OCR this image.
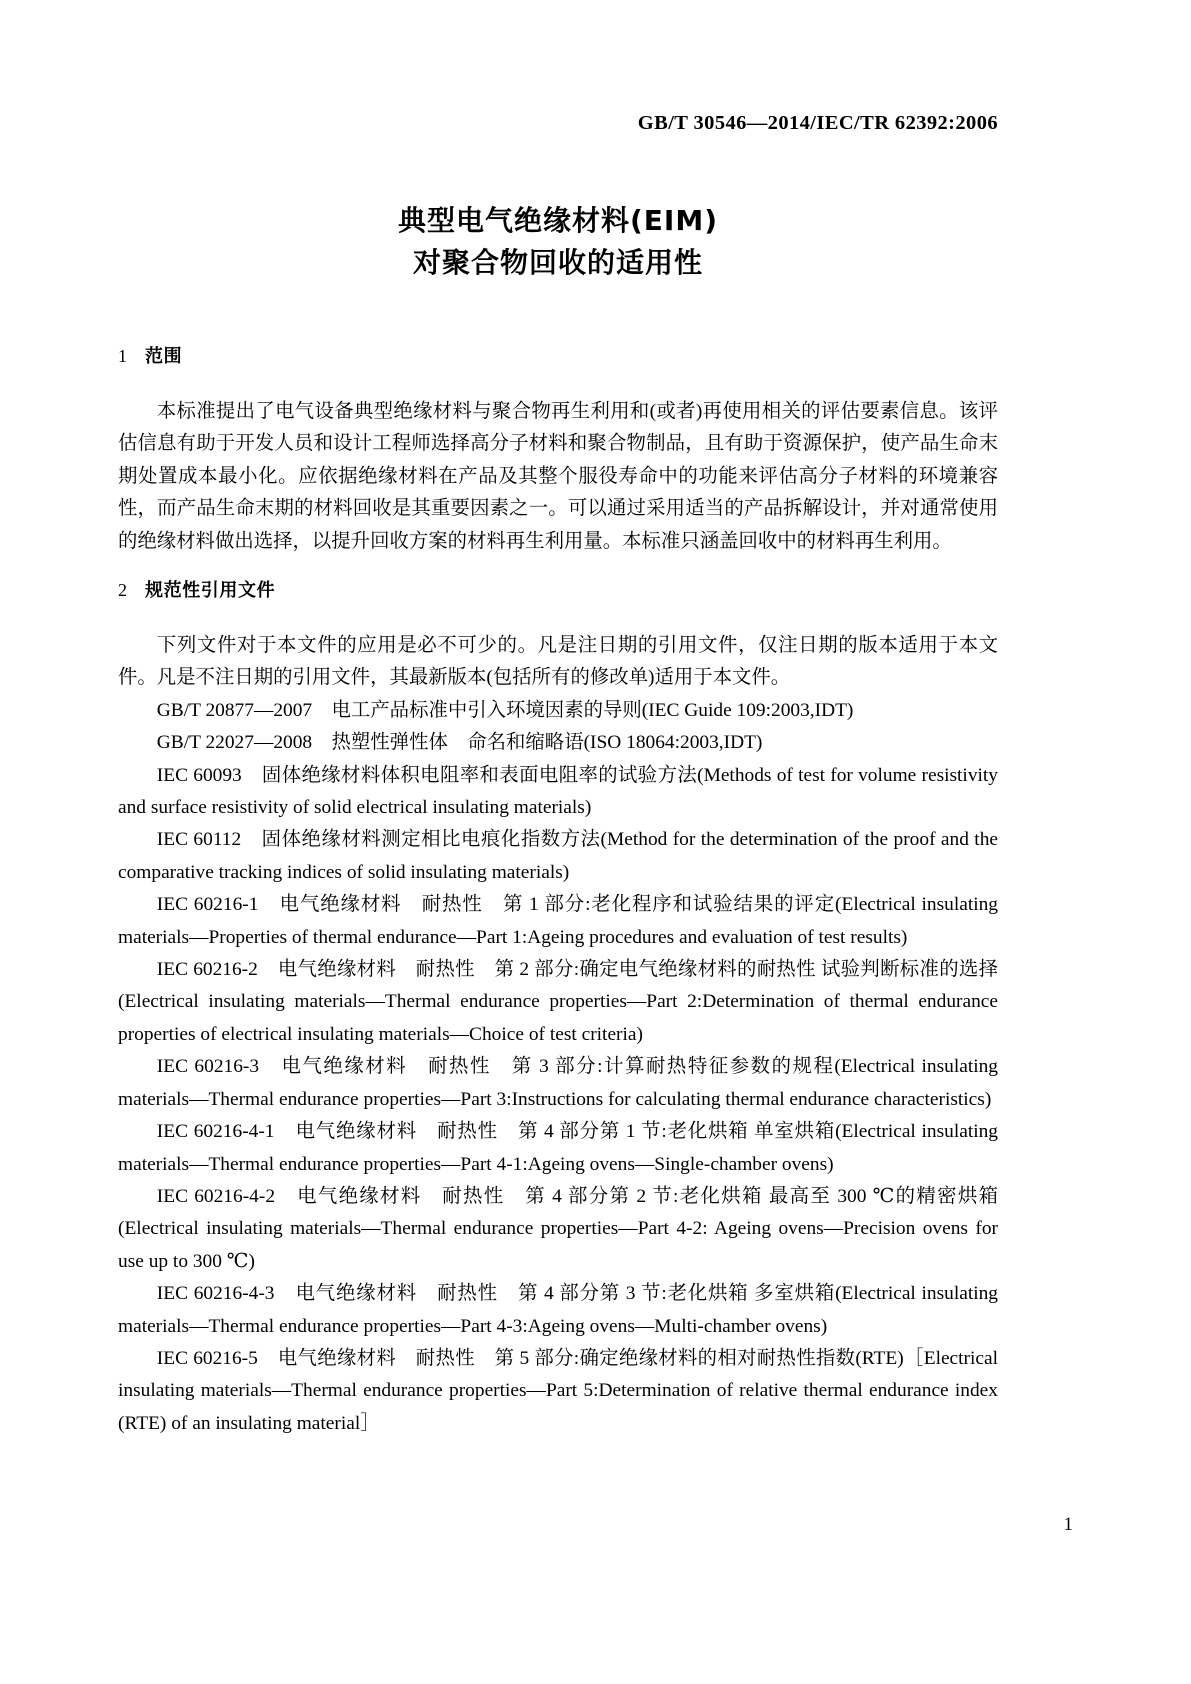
GB/T 30546—2014/IEC/TR 62392:2006
典型电气绝缘材料(EIM)
对聚合物回收的适用性

1 范围

本标准提出了电气设备典型绝缘材料与聚合物再生利用和(或者)再使用相关的评估要素信息。该评估信息有助于开发人员和设计工程师选择高分子材料和聚合物制品，且有助于资源保护，使产品生命末期处置成本最小化。应依据绝缘材料在产品及其整个服役寿命中的功能来评估高分子材料的环境兼容性，而产品生命末期的材料回收是其重要因素之一。可以通过采用适当的产品拆解设计，并对通常使用的绝缘材料做出选择，以提升回收方案的材料再生利用量。本标准只涵盖回收中的材料再生利用。

2 规范性引用文件

下列文件对于本文件的应用是必不可少的。凡是注日期的引用文件，仅注日期的版本适用于本文件。凡是不注日期的引用文件，其最新版本(包括所有的修改单)适用于本文件。

GB/T 20877—2007　电工产品标准中引入环境因素的导则(IEC Guide 109:2003,IDT)

GB/T 22027—2008　热塑性弹性体　命名和缩略语(ISO 18064:2003,IDT)

IEC 60093　固体绝缘材料体积电阻率和表面电阻率的试验方法(Methods of test for volume resistivity and surface resistivity of solid electrical insulating materials)

IEC 60112　固体绝缘材料测定相比电痕化指数方法(Method for the determination of the proof and the comparative tracking indices of solid insulating materials)

IEC 60216-1　电气绝缘材料　耐热性　第 1 部分:老化程序和试验结果的评定(Electrical insulating materials—Properties of thermal endurance—Part 1:Ageing procedures and evaluation of test results)

IEC 60216-2　电气绝缘材料　耐热性　第 2 部分:确定电气绝缘材料的耐热性 试验判断标准的选择(Electrical insulating materials—Thermal endurance properties—Part 2:Determination of thermal endurance properties of electrical insulating materials—Choice of test criteria)

IEC 60216-3　电气绝缘材料　耐热性　第 3 部分:计算耐热特征参数的规程(Electrical insulating materials—Thermal endurance properties—Part 3:Instructions for calculating thermal endurance characteristics)

IEC 60216-4-1　电气绝缘材料　耐热性　第 4 部分第 1 节:老化烘箱 单室烘箱(Electrical insulating materials—Thermal endurance properties—Part 4-1:Ageing ovens—Single-chamber ovens)

IEC 60216-4-2　电气绝缘材料　耐热性　第 4 部分第 2 节:老化烘箱 最高至 300 ℃的精密烘箱(Electrical insulating materials—Thermal endurance properties—Part 4-2: Ageing ovens—Precision ovens for use up to 300 ℃)

IEC 60216-4-3　电气绝缘材料　耐热性　第 4 部分第 3 节:老化烘箱 多室烘箱(Electrical insulating materials—Thermal endurance properties—Part 4-3:Ageing ovens—Multi-chamber ovens)

IEC 60216-5　电气绝缘材料　耐热性　第 5 部分:确定绝缘材料的相对耐热性指数(RTE)［Electrical insulating materials—Thermal endurance properties—Part 5:Determination of relative thermal endurance index (RTE) of an insulating material］

1
